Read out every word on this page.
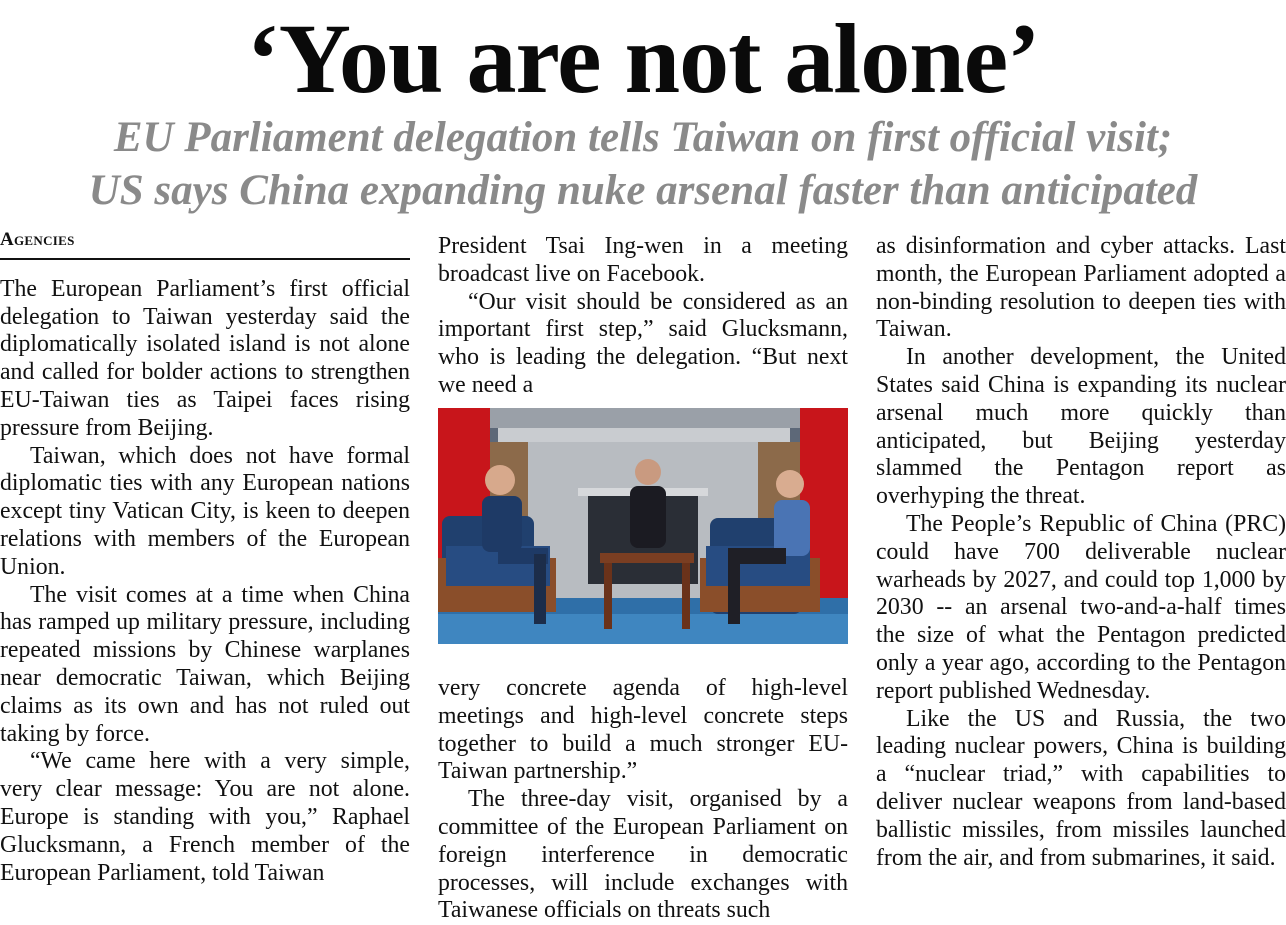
‘You are not alone’
EU Parliament delegation tells Taiwan on first official visit;
US says China expanding nuke arsenal faster than anticipated
Agencies

The European Parliament’s first official delegation to Taiwan yesterday said the diplomatically isolated island is not alone and called for bolder actions to strengthen EU-Taiwan ties as Taipei faces rising pressure from Beijing.

Taiwan, which does not have formal diplomatic ties with any European nations except tiny Vatican City, is keen to deepen relations with members of the European Union.

The visit comes at a time when China has ramped up military pressure, including repeated missions by Chinese warplanes near democratic Taiwan, which Beijing claims as its own and has not ruled out taking by force.

“We came here with a very simple, very clear message: You are not alone. Europe is standing with you,” Raphael Glucksmann, a French member of the European Parliament, told Taiwan

President Tsai Ing-wen in a meeting broadcast live on Facebook.

“Our visit should be considered as an important first step,” said Glucksmann, who is leading the delegation. “But next we need a

very concrete agenda of high-level meetings and high-level concrete steps together to build a much stronger EU-Taiwan partnership.”

The three-day visit, organised by a committee of the European Parliament on foreign interference in democratic processes, will include exchanges with Taiwanese officials on threats such

as disinformation and cyber attacks. Last month, the European Parliament adopted a non-binding resolution to deepen ties with Taiwan.

In another development, the United States said China is expanding its nuclear arsenal much more quickly than anticipated, but Beijing yesterday slammed the Pentagon report as overhyping the threat.

The People’s Republic of China (PRC) could have 700 deliverable nuclear warheads by 2027, and could top 1,000 by 2030 -- an arsenal two-and-a-half times the size of what the Pentagon predicted only a year ago, according to the Pentagon report published Wednesday.

Like the US and Russia, the two leading nuclear powers, China is building a “nuclear triad,” with capabilities to deliver nuclear weapons from land-based ballistic missiles, from missiles launched from the air, and from submarines, it said.
